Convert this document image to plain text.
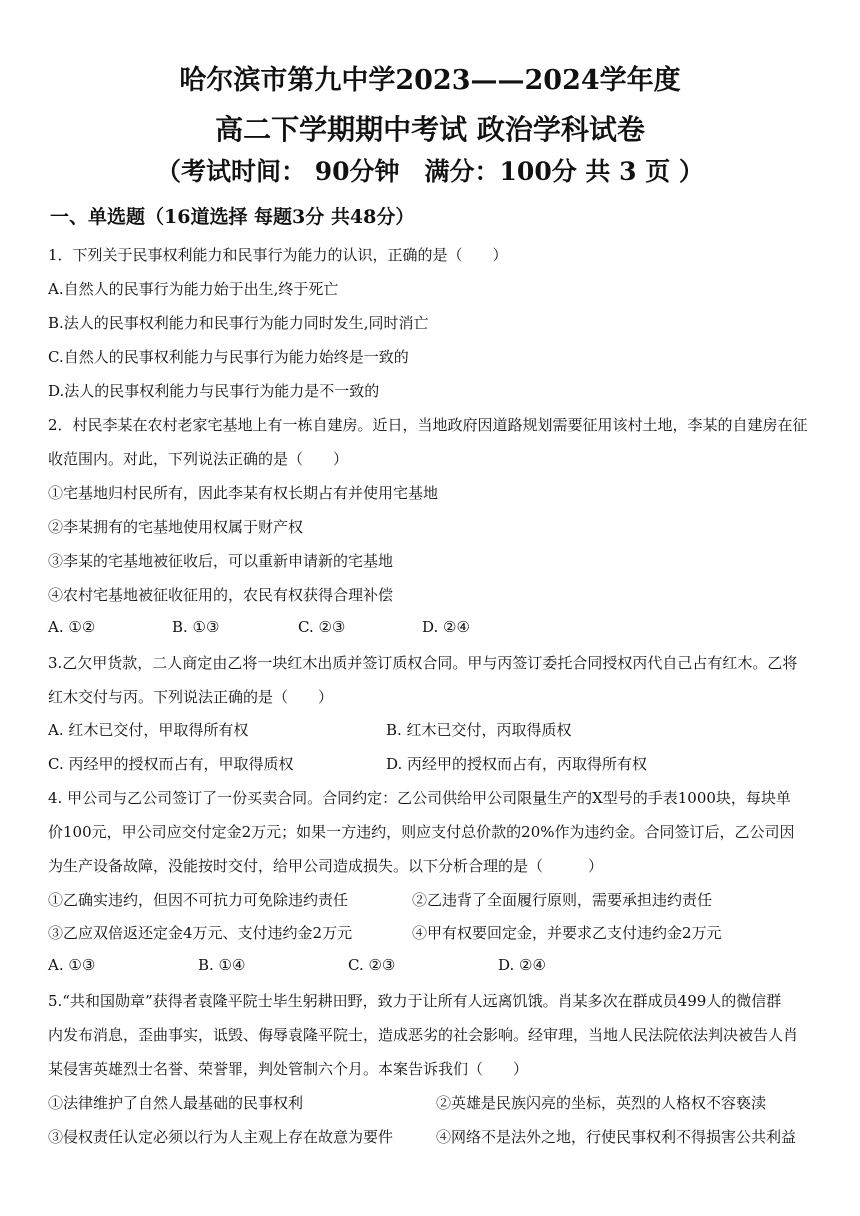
哈尔滨市第九中学2023——2024学年度
高二下学期期中考试 政治学科试卷
（考试时间： 90分钟　满分：100分 共 3 页 ）
一、单选题（16道选择 每题3分 共48分）
1．下列关于民事权利能力和民事行为能力的认识，正确的是（　　）
A.自然人的民事行为能力始于出生,终于死亡
B.法人的民事权利能力和民事行为能力同时发生,同时消亡
C.自然人的民事权利能力与民事行为能力始终是一致的
D.法人的民事权利能力与民事行为能力是不一致的
2．村民李某在农村老家宅基地上有一栋自建房。近日，当地政府因道路规划需要征用该村土地，李某的自建房在征
收范围内。对此，下列说法正确的是（　　）
①宅基地归村民所有，因此李某有权长期占有并使用宅基地
②李某拥有的宅基地使用权属于财产权
③李某的宅基地被征收后，可以重新申请新的宅基地
④农村宅基地被征收征用的，农民有权获得合理补偿
A. ①②	B. ①③	C. ②③	D. ②④
3.乙欠甲货款，二人商定由乙将一块红木出质并签订质权合同。甲与丙签订委托合同授权丙代自己占有红木。乙将
红木交付与丙。下列说法正确的是（　　）
A. 红木已交付，甲取得所有权	B. 红木已交付，丙取得质权
C. 丙经甲的授权而占有，甲取得质权	D. 丙经甲的授权而占有，丙取得所有权
4. 甲公司与乙公司签订了一份买卖合同。合同约定：乙公司供给甲公司限量生产的X型号的手表1000块，每块单
价100元，甲公司应交付定金2万元；如果一方违约，则应支付总价款的20%作为违约金。合同签订后，乙公司因
为生产设备故障，没能按时交付，给甲公司造成损失。以下分析合理的是（　　　）
①乙确实违约，但因不可抗力可免除违约责任	②乙违背了全面履行原则，需要承担违约责任
③乙应双倍返还定金4万元、支付违约金2万元	④甲有权要回定金，并要求乙支付违约金2万元
A. ①③	B. ①④	C. ②③	D. ②④
5.“共和国勋章”获得者袁隆平院士毕生躬耕田野，致力于让所有人远离饥饿。肖某多次在群成员499人的微信群
内发布消息，歪曲事实，诋毁、侮辱袁隆平院士，造成恶劣的社会影响。经审理，当地人民法院依法判决被告人肖
某侵害英雄烈士名誉、荣誉罪，判处管制六个月。本案告诉我们（　　）
①法律维护了自然人最基础的民事权利	②英雄是民族闪亮的坐标，英烈的人格权不容亵渎
③侵权责任认定必须以行为人主观上存在故意为要件	④网络不是法外之地，行使民事权利不得损害公共利益
